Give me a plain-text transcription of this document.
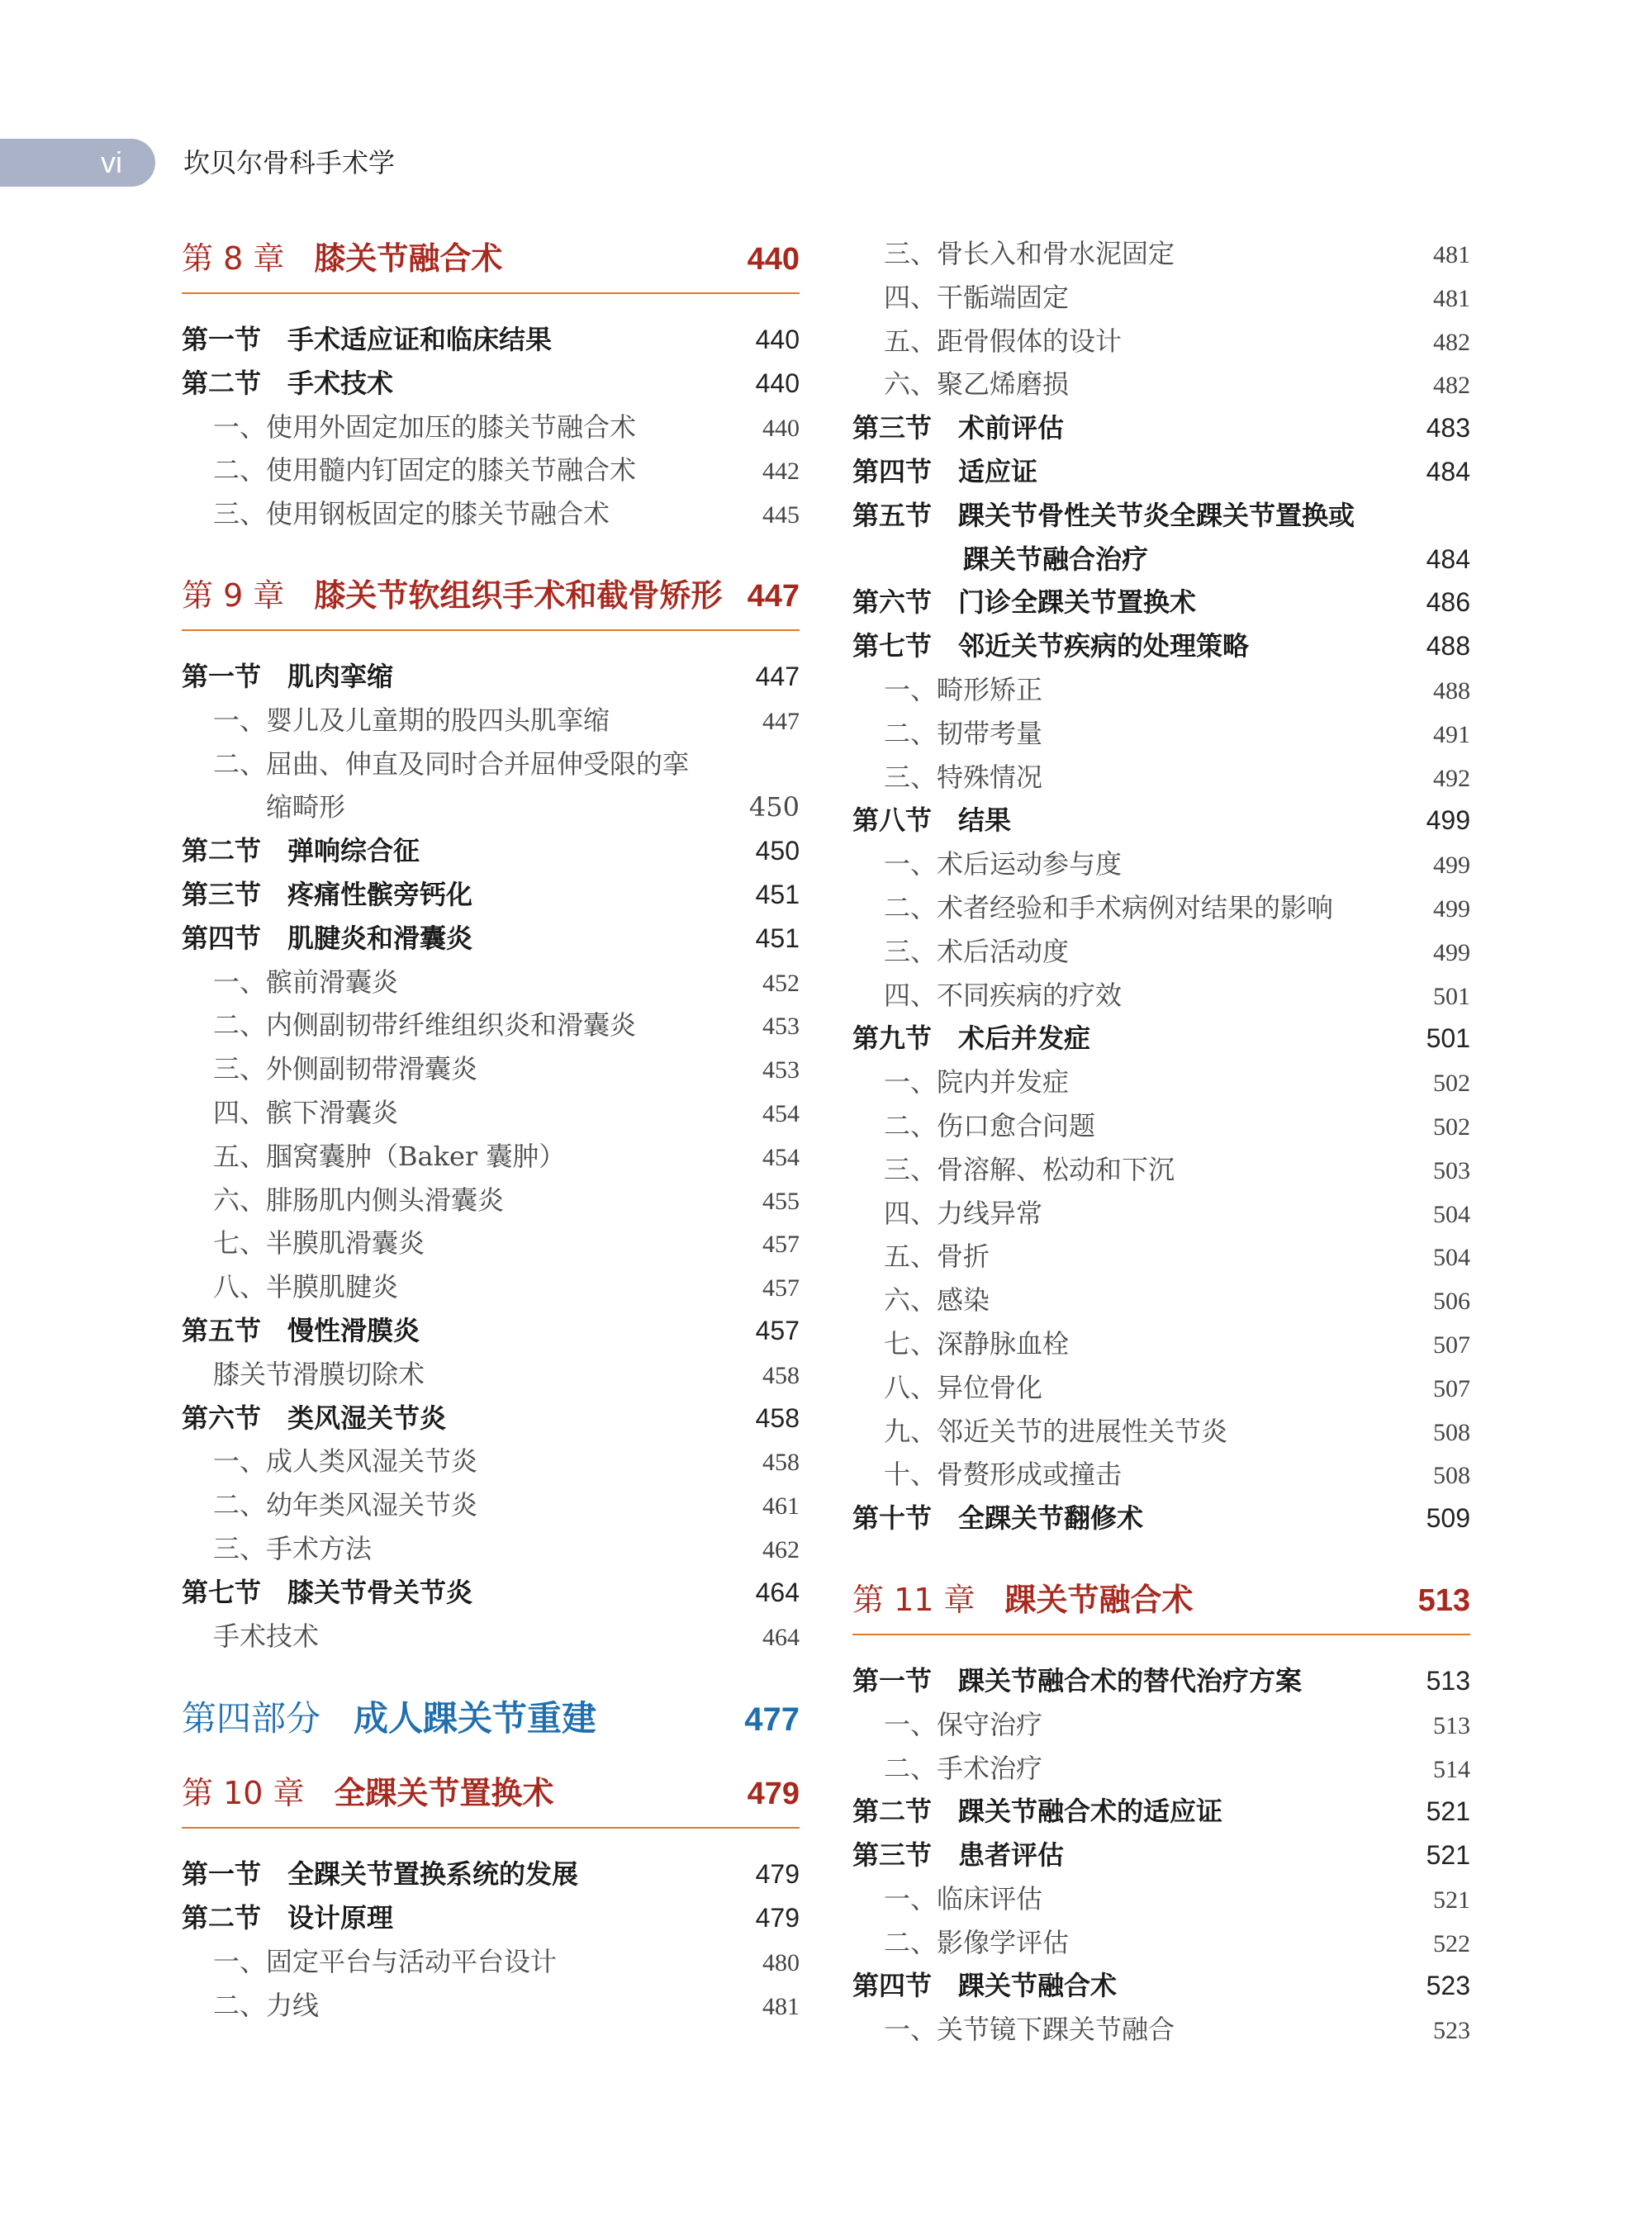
vi 坎贝尔骨科手术学
第 8 章 膝关节融合术	440
第一节　手术适应证和临床结果	440
第二节　手术技术	440
一、使用外固定加压的膝关节融合术	440
二、使用髓内钉固定的膝关节融合术	442
三、使用钢板固定的膝关节融合术	445
第 9 章 膝关节软组织手术和截骨矫形 447
第一节　肌肉挛缩	447
一、婴儿及儿童期的股四头肌挛缩	447
二、屈曲、伸直及同时合并屈伸受限的挛
缩畸形	450
第二节　弹响综合征	450
第三节　疼痛性髌旁钙化	451
第四节　肌腱炎和滑囊炎	451
一、髌前滑囊炎	452
二、内侧副韧带纤维组织炎和滑囊炎	453
三、外侧副韧带滑囊炎	453
四、髌下滑囊炎	454
五、腘窝囊肿（Baker 囊肿）	454
六、腓肠肌内侧头滑囊炎	455
七、半膜肌滑囊炎	457
八、半膜肌腱炎	457
第五节　慢性滑膜炎	457
膝关节滑膜切除术	458
第六节　类风湿关节炎	458
一、成人类风湿关节炎	458
二、幼年类风湿关节炎	461
三、手术方法	462
第七节　膝关节骨关节炎	464
手术技术	464
第四部分 成人踝关节重建	477
第 10 章 全踝关节置换术	479
第一节　全踝关节置换系统的发展	479
第二节　设计原理	479
一、固定平台与活动平台设计	480
二、力线	481
三、骨长入和骨水泥固定	481
四、干骺端固定	481
五、距骨假体的设计	482
六、聚乙烯磨损	482
第三节　术前评估	483
第四节　适应证	484
第五节　踝关节骨性关节炎全踝关节置换或
踝关节融合治疗	484
第六节　门诊全踝关节置换术	486
第七节　邻近关节疾病的处理策略	488
一、畸形矫正	488
二、韧带考量	491
三、特殊情况	492
第八节　结果	499
一、术后运动参与度	499
二、术者经验和手术病例对结果的影响	499
三、术后活动度	499
四、不同疾病的疗效	501
第九节　术后并发症	501
一、院内并发症	502
二、伤口愈合问题	502
三、骨溶解、松动和下沉	503
四、力线异常	504
五、骨折	504
六、感染	506
七、深静脉血栓	507
八、异位骨化	507
九、邻近关节的进展性关节炎	508
十、骨赘形成或撞击	508
第十节　全踝关节翻修术	509
第 11 章 踝关节融合术	513
第一节　踝关节融合术的替代治疗方案	513
一、保守治疗	513
二、手术治疗	514
第二节　踝关节融合术的适应证	521
第三节　患者评估	521
一、临床评估	521
二、影像学评估	522
第四节　踝关节融合术	523
一、关节镜下踝关节融合	523
